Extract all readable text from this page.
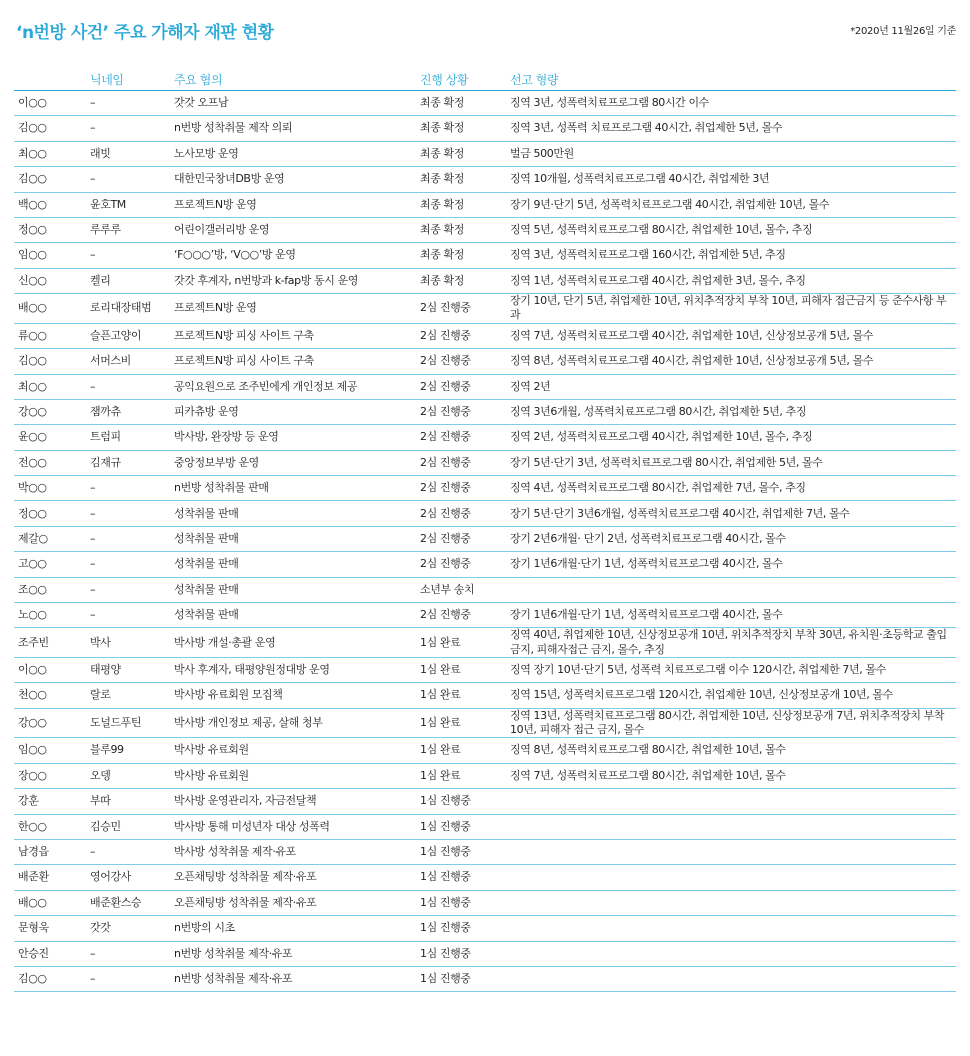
‘n번방 사건’ 주요 가해자 재판 현황	*2020년 11월26일 기준
	닉네임	주요 혐의	진행 상황	선고 형량
이○○	–	갓갓 오프남	최종 확정	징역 3년, 성폭력치료프로그램 80시간 이수
김○○	–	n번방 성착취물 제작 의뢰	최종 확정	징역 3년, 성폭력 치료프로그램 40시간, 취업제한 5년, 몰수
최○○	래빗	노사모방 운영	최종 확정	벌금 500만원
김○○	–	대한민국창녀DB방 운영	최종 확정	징역 10개월, 성폭력치료프로그램 40시간, 취업제한 3년
백○○	윤호TM	프로젝트N방 운영	최종 확정	장기 9년·단기 5년, 성폭력치료프로그램 40시간, 취업제한 10년, 몰수
정○○	루루루	어린이갤러리방 운영	최종 확정	징역 5년, 성폭력치료프로그램 80시간, 취업제한 10년, 몰수, 추징
임○○	–	‘F○○○’방, ‘V○○’방 운영	최종 확정	징역 3년, 성폭력치료프로그램 160시간, 취업제한 5년, 추징
신○○	켈리	갓갓 후계자, n번방과 k-fap방 동시 운영	최종 확정	징역 1년, 성폭력치료프로그램 40시간, 취업제한 3년, 몰수, 추징
배○○	로리대장태범	프로젝트N방 운영	2심 진행중	장기 10년, 단기 5년, 취업제한 10년, 위치추적장치 부착 10년, 피해자 접근금지 등 준수사항 부과
류○○	슬픈고양이	프로젝트N방 피싱 사이트 구축	2심 진행중	징역 7년, 성폭력치료프로그램 40시간, 취업제한 10년, 신상정보공개 5년, 몰수
김○○	서머스비	프로젝트N방 피싱 사이트 구축	2심 진행중	징역 8년, 성폭력치료프로그램 40시간, 취업제한 10년, 신상정보공개 5년, 몰수
최○○	–	공익요원으로 조주빈에게 개인정보 제공	2심 진행중	징역 2년
강○○	잼까츄	피카츄방 운영	2심 진행중	징역 3년6개월, 성폭력치료프로그램 80시간, 취업제한 5년, 추징
윤○○	트럼피	박사방, 완장방 등 운영	2심 진행중	징역 2년, 성폭력치료프로그램 40시간, 취업제한 10년, 몰수, 추징
전○○	김재규	중앙정보부방 운영	2심 진행중	장기 5년·단기 3년, 성폭력치료프로그램 80시간, 취업제한 5년, 몰수
박○○	–	n번방 성착취물 판매	2심 진행중	징역 4년, 성폭력치료프로그램 80시간, 취업제한 7년, 몰수, 추징
정○○	–	성착취물 판매	2심 진행중	장기 5년·단기 3년6개월, 성폭력치료프로그램 40시간, 취업제한 7년, 몰수
제갈○	–	성착취물 판매	2심 진행중	장기 2년6개월· 단기 2년, 성폭력치료프로그램 40시간, 몰수
고○○	–	성착취물 판매	2심 진행중	장기 1년6개월·단기 1년, 성폭력치료프로그램 40시간, 몰수
조○○	–	성착취물 판매	소년부 송치	
노○○	–	성착취물 판매	2심 진행중	장기 1년6개월·단기 1년, 성폭력치료프로그램 40시간, 몰수
조주빈	박사	박사방 개설·총괄 운영	1심 완료	징역 40년, 취업제한 10년, 신상정보공개 10년, 위치추적장치 부착 30년, 유치원·초등학교 출입 금지, 피해자접근 금지, 몰수, 추징
이○○	태평양	박사 후계자, 태평양원정대방 운영	1심 완료	징역 장기 10년·단기 5년, 성폭력 치료프로그램 이수 120시간, 취업제한 7년, 몰수
천○○	랄로	박사방 유료회원 모집책	1심 완료	징역 15년, 성폭력치료프로그램 120시간, 취업제한 10년, 신상정보공개 10년, 몰수
강○○	도널드푸틴	박사방 개인정보 제공, 살해 청부	1심 완료	징역 13년, 성폭력치료프로그램 80시간, 취업제한 10년, 신상정보공개 7년, 위치추적장치 부착 10년, 피해자 접근 금지, 몰수
임○○	블루99	박사방 유료회원	1심 완료	징역 8년, 성폭력치료프로그램 80시간, 취업제한 10년, 몰수
장○○	오뎅	박사방 유료회원	1심 완료	징역 7년, 성폭력치료프로그램 80시간, 취업제한 10년, 몰수
강훈	부따	박사방 운영관리자, 자금전달책	1심 진행중	
한○○	김승민	박사방 통해 미성년자 대상 성폭력	1심 진행중	
남경읍	–	박사방 성착취물 제작·유포	1심 진행중	
배준환	영어강사	오픈채팅방 성착취물 제작·유포	1심 진행중	
배○○	배준환스승	오픈채팅방 성착취물 제작·유포	1심 진행중	
문형욱	갓갓	n번방의 시초	1심 진행중	
안승진	–	n번방 성착취물 제작·유포	1심 진행중	
김○○	–	n번방 성착취물 제작·유포	1심 진행중	
